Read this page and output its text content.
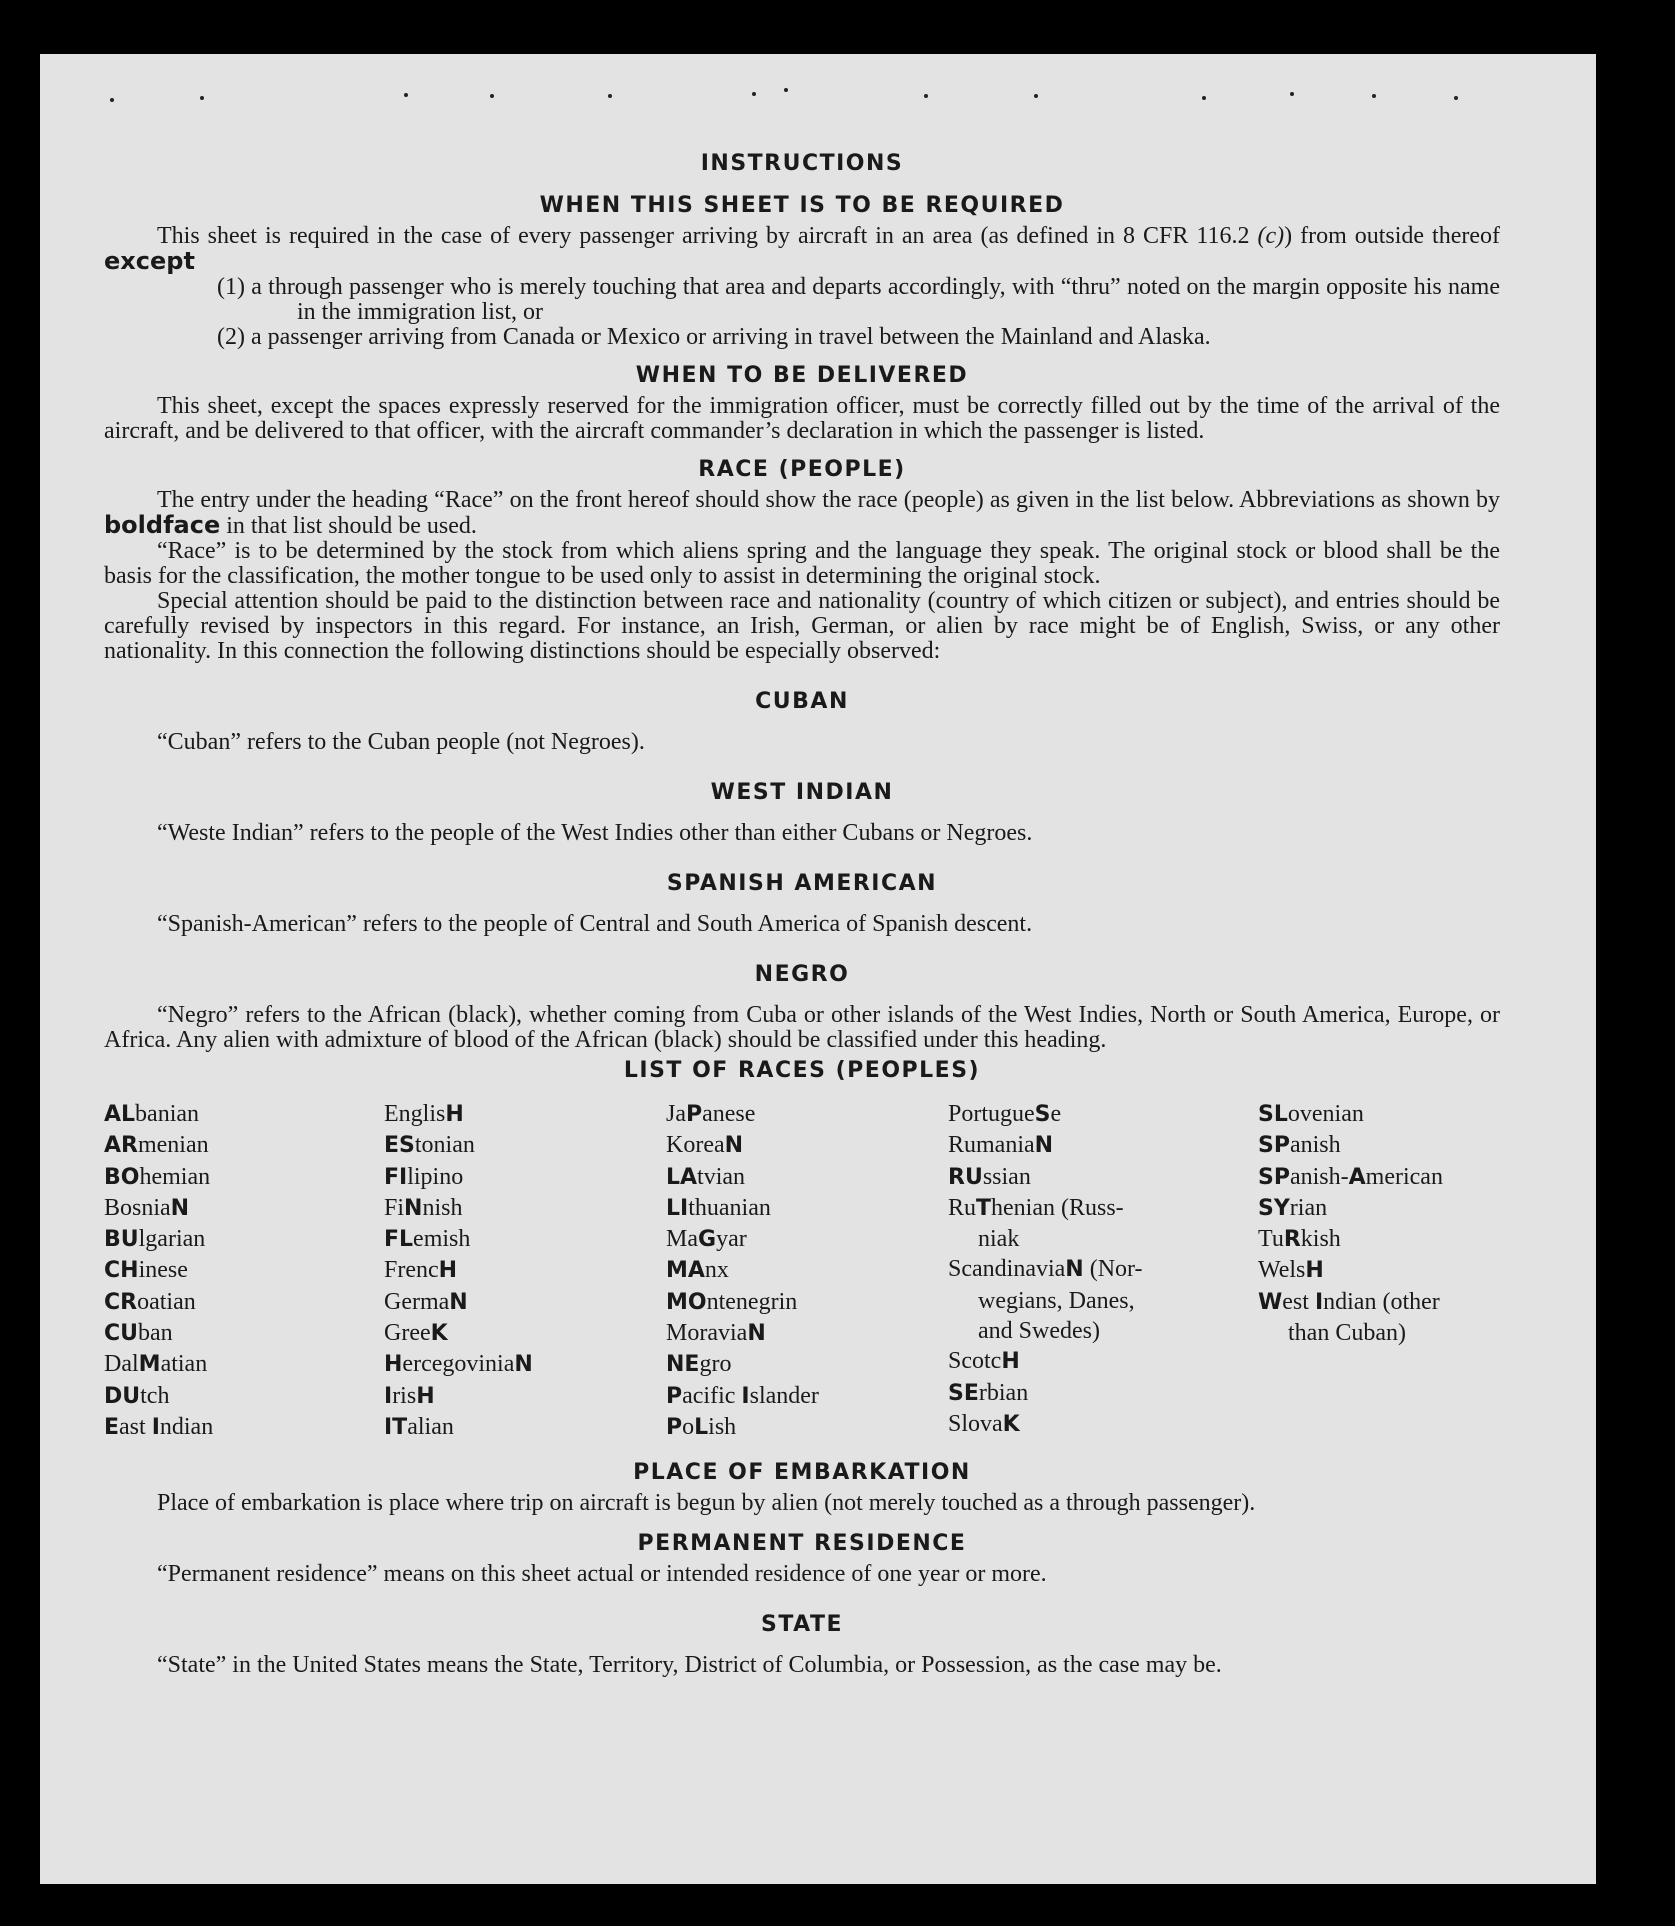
INSTRUCTIONS
WHEN THIS SHEET IS TO BE REQUIRED

This sheet is required in the case of every passenger arriving by aircraft in an area (as defined in 8 CFR 116.2 (c)) from outside thereof except

(1) a through passenger who is merely touching that area and departs accordingly, with “thru” noted on the margin opposite his name in the immigration list, or

(2) a passenger arriving from Canada or Mexico or arriving in travel between the Mainland and Alaska.

WHEN TO BE DELIVERED

This sheet, except the spaces expressly reserved for the immigration officer, must be correctly filled out by the time of the arrival of the aircraft, and be delivered to that officer, with the aircraft commander’s declaration in which the passenger is listed.

RACE (PEOPLE)

The entry under the heading “Race” on the front hereof should show the race (people) as given in the list below. Abbreviations as shown by boldface in that list should be used.

“Race” is to be determined by the stock from which aliens spring and the language they speak. The original stock or blood shall be the basis for the classification, the mother tongue to be used only to assist in determining the original stock.

Special attention should be paid to the distinction between race and nationality (country of which citizen or subject), and entries should be carefully revised by inspectors in this regard. For instance, an Irish, German, or alien by race might be of English, Swiss, or any other nationality. In this connection the following distinctions should be especially observed:

CUBAN

“Cuban” refers to the Cuban people (not Negroes).

WEST INDIAN

“Weste Indian” refers to the people of the West Indies other than either Cubans or Negroes.

SPANISH AMERICAN

“Spanish-American” refers to the people of Central and South America of Spanish descent.

NEGRO

“Negro” refers to the African (black), whether coming from Cuba or other islands of the West Indies, North or South America, Europe, or Africa. Any alien with admixture of blood of the African (black) should be classified under this heading.

LIST OF RACES (PEOPLES)
ALbanian
ARmenian
BOhemian
BosniaN
BUlgarian
CHinese
CRoatian
CUban
DalMatian
DUtch
East Indian
EnglisH
EStonian
FIlipino
FiNnish
FLemish
FrencH
GermaN
GreeK
HercegoviniaN
IrisH
ITalian
JaPanese
KoreaN
LAtvian
LIthuanian
MaGyar
MAnx
MOntenegrin
MoraviaN
NEgro
Pacific Islander
PoLish
PortugueSe
RumaniaN
RUssian
RuThenian (Russ-
niak
ScandinaviaN (Nor-
wegians, Danes,
and Swedes)
ScotcH
SErbian
SlovaK
SLovenian
SPanish
SPanish-American
SYrian
TuRkish
WelsH
West Indian (other
than Cuban)
PLACE OF EMBARKATION

Place of embarkation is place where trip on aircraft is begun by alien (not merely touched as a through passenger).

PERMANENT RESIDENCE

“Permanent residence” means on this sheet actual or intended residence of one year or more.

STATE

“State” in the United States means the State, Territory, District of Columbia, or Possession, as the case may be.
